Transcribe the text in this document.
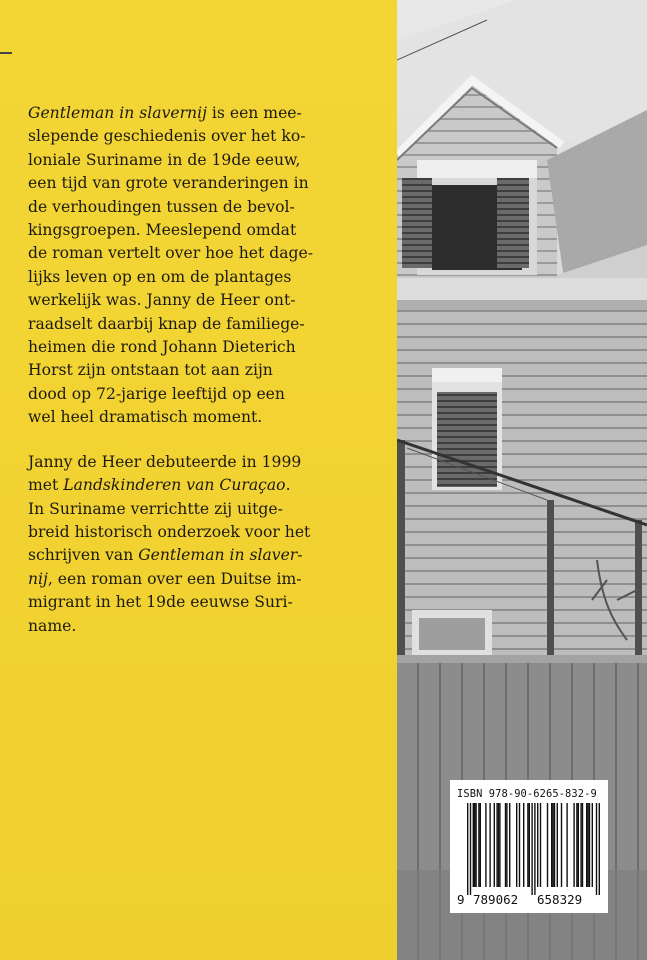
Gentleman in slavernij is een mee-
slepende geschiedenis over het ko-
loniale Suriname in de 19de eeuw,
een tijd van grote veranderingen in
de verhoudingen tussen de bevol-
kingsgroepen. Meeslepend omdat
de roman vertelt over hoe het dage-
lijks leven op en om de plantages
werkelijk was. Janny de Heer ont-
raadselt daarbij knap de familiege-
heimen die rond Johann Dieterich
Horst zijn ontstaan tot aan zijn
dood op 72-jarige leeftijd op een
wel heel dramatisch moment.

Janny de Heer debuteerde in 1999
met Landskinderen van Curaçao.
In Suriname verrichtte zij uitge-
breid historisch onderzoek voor het
schrijven van Gentleman in slaver-
nij, een roman over een Duitse im-
migrant in het 19de eeuwse Suri-
name.

ISBN 978-90-6265-832-9
9 789062 658329
